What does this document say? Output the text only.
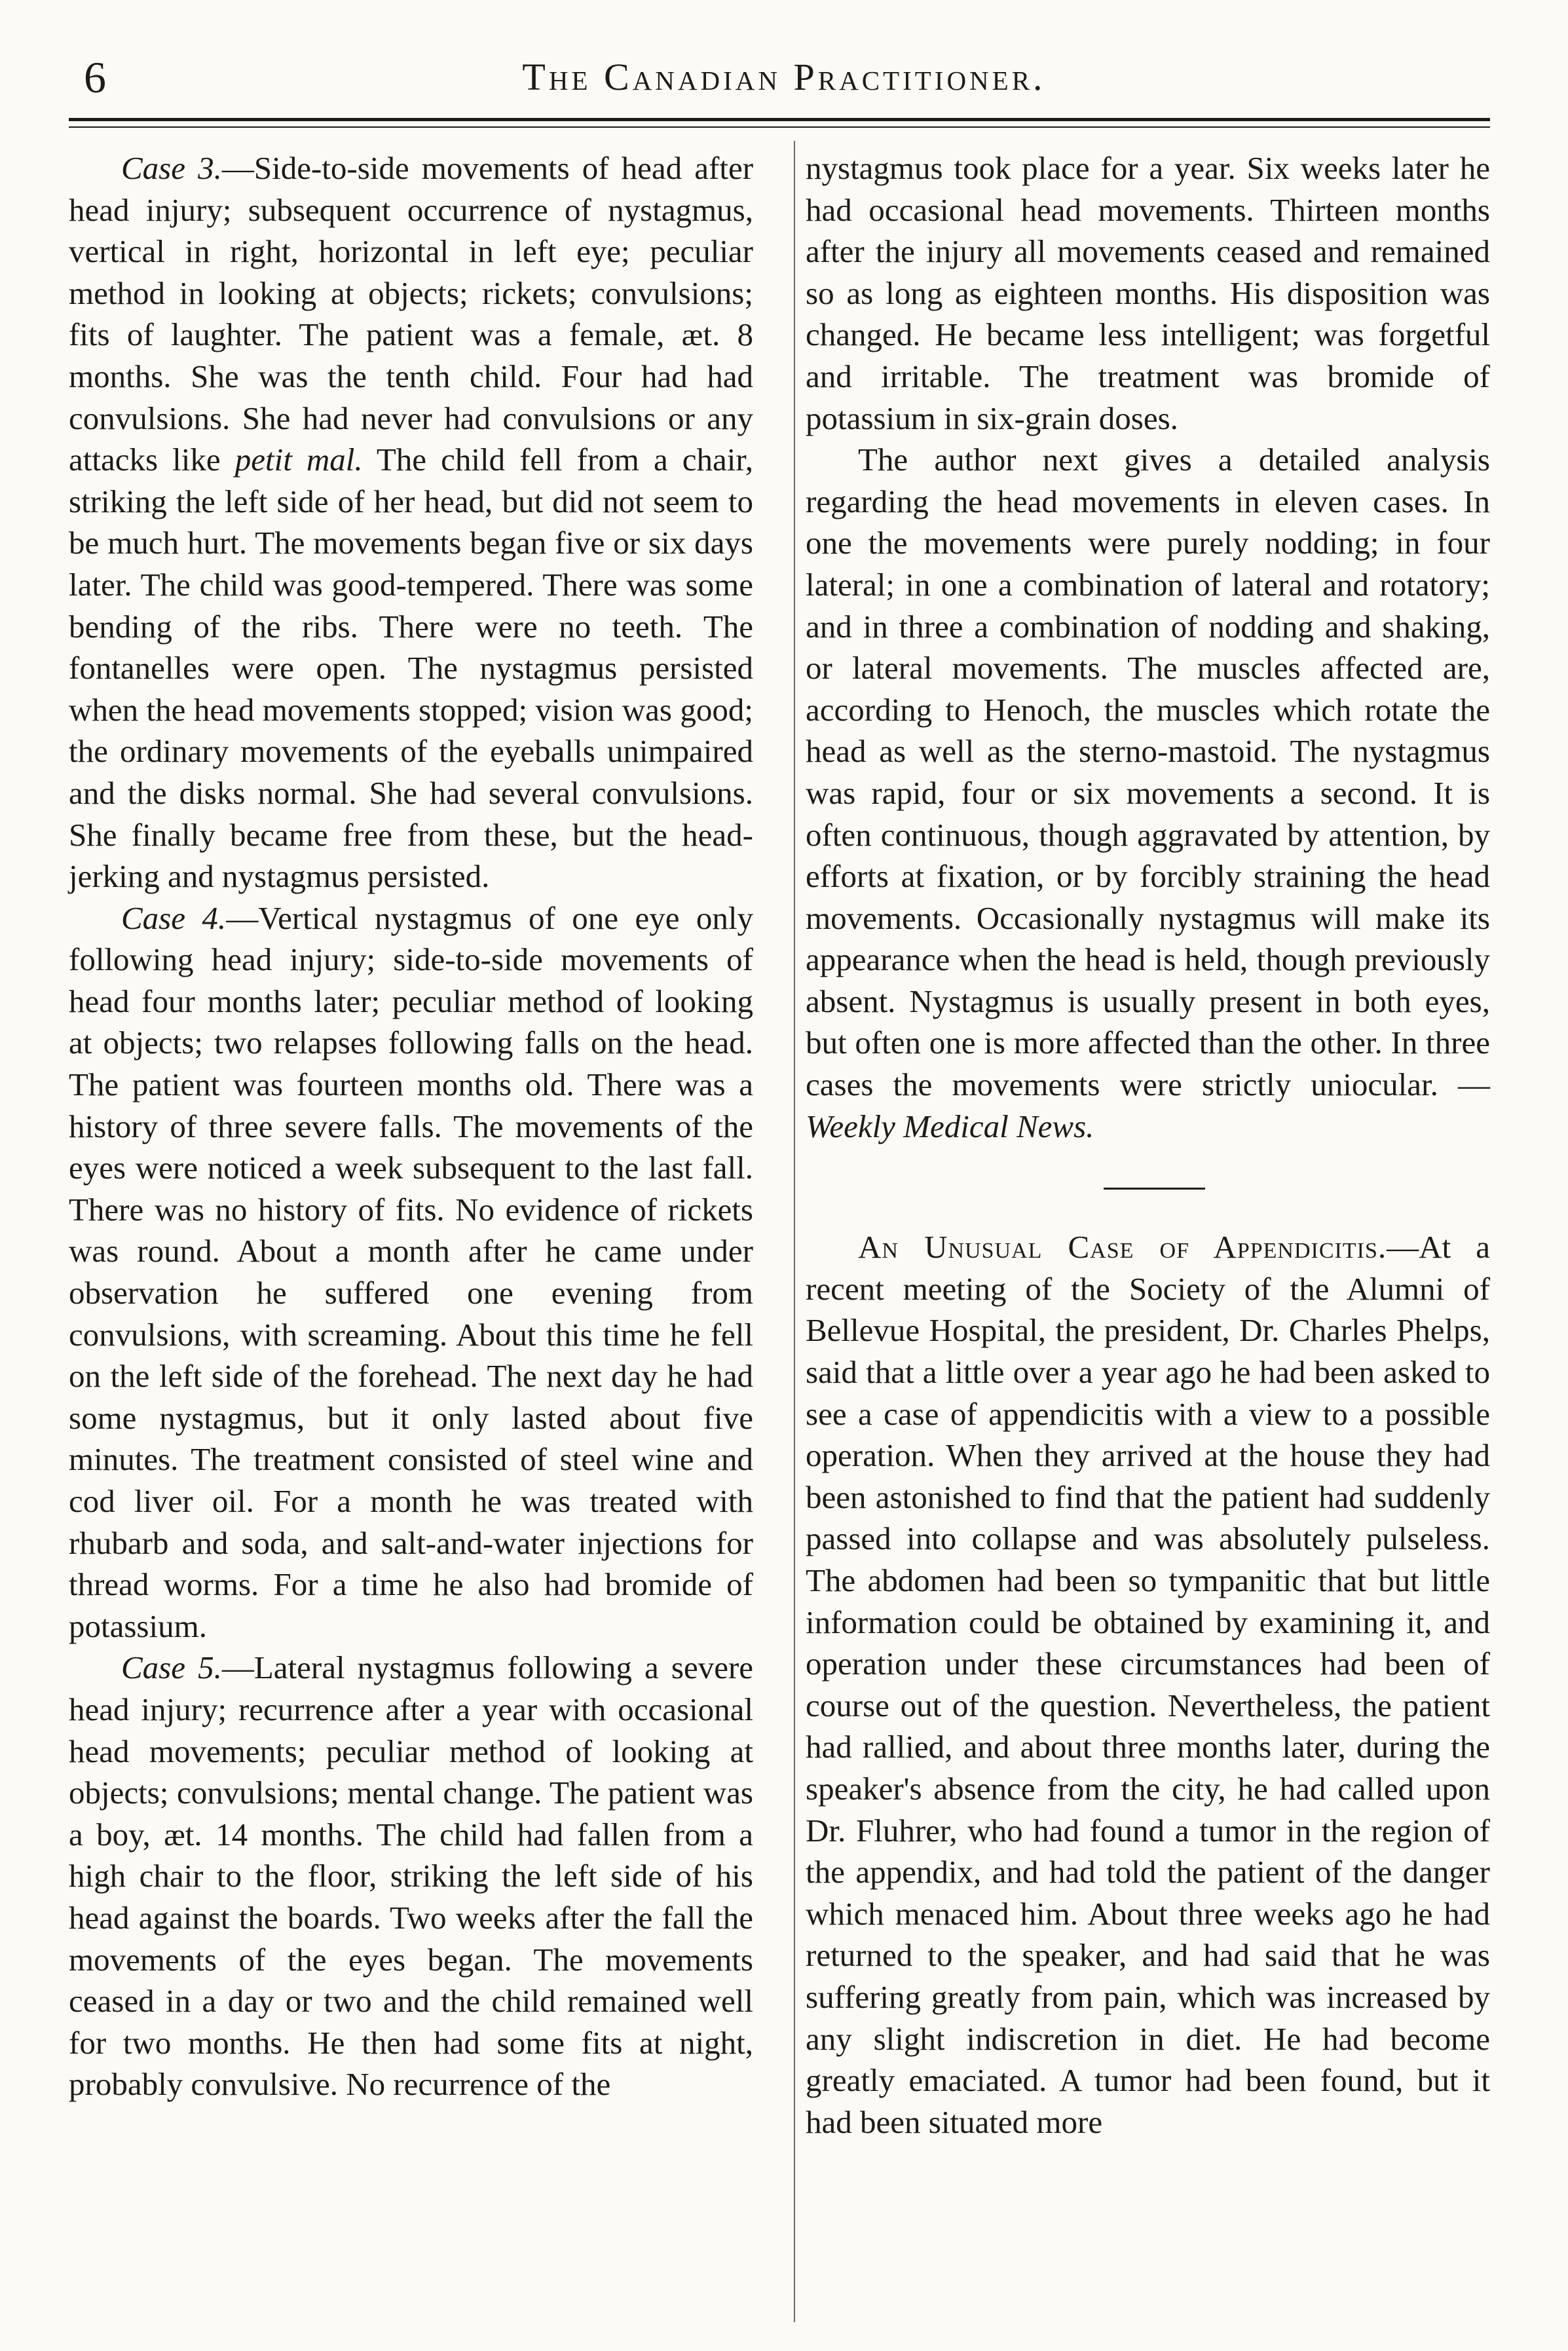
6	The Canadian Practitioner.

Case 3.—Side-to-side movements of head after head injury; subsequent occurrence of nystagmus, vertical in right, horizontal in left eye; peculiar method in looking at objects; rickets; convulsions; fits of laughter. The patient was a female, æt. 8 months. She was the tenth child. Four had had convulsions. She had never had convulsions or any attacks like petit mal. The child fell from a chair, striking the left side of her head, but did not seem to be much hurt. The movements began five or six days later. The child was good-tempered. There was some bending of the ribs. There were no teeth. The fontanelles were open. The nystagmus persisted when the head movements stopped; vision was good; the ordinary movements of the eyeballs unimpaired and the disks normal. She had several convulsions. She finally became free from these, but the head-jerking and nystagmus persisted.

Case 4.—Vertical nystagmus of one eye only following head injury; side-to-side movements of head four months later; peculiar method of looking at objects; two relapses following falls on the head. The patient was fourteen months old. There was a history of three severe falls. The movements of the eyes were noticed a week subsequent to the last fall. There was no history of fits. No evidence of rickets was round. About a month after he came under observation he suffered one evening from convulsions, with screaming. About this time he fell on the left side of the forehead. The next day he had some nystagmus, but it only lasted about five minutes. The treatment consisted of steel wine and cod liver oil. For a month he was treated with rhubarb and soda, and salt-and-water injections for thread worms. For a time he also had bromide of potassium.

Case 5.—Lateral nystagmus following a severe head injury; recurrence after a year with occasional head movements; peculiar method of looking at objects; convulsions; mental change. The patient was a boy, æt. 14 months. The child had fallen from a high chair to the floor, striking the left side of his head against the boards. Two weeks after the fall the movements of the eyes began. The movements ceased in a day or two and the child remained well for two months. He then had some fits at night, probably convulsive. No recurrence of the

nystagmus took place for a year. Six weeks later he had occasional head movements. Thirteen months after the injury all movements ceased and remained so as long as eighteen months. His disposition was changed. He became less intelligent; was forgetful and irritable. The treatment was bromide of potassium in six-grain doses.

The author next gives a detailed analysis regarding the head movements in eleven cases. In one the movements were purely nodding; in four lateral; in one a combination of lateral and rotatory; and in three a combination of nodding and shaking, or lateral movements. The muscles affected are, according to Henoch, the muscles which rotate the head as well as the sterno-mastoid. The nystagmus was rapid, four or six movements a second. It is often continuous, though aggravated by attention, by efforts at fixation, or by forcibly straining the head movements. Occasionally nystagmus will make its appearance when the head is held, though previously absent. Nystagmus is usually present in both eyes, but often one is more affected than the other. In three cases the movements were strictly uniocular. — Weekly Medical News.

An Unusual Case of Appendicitis.—At a recent meeting of the Society of the Alumni of Bellevue Hospital, the president, Dr. Charles Phelps, said that a little over a year ago he had been asked to see a case of appendicitis with a view to a possible operation. When they arrived at the house they had been astonished to find that the patient had suddenly passed into collapse and was absolutely pulseless. The abdomen had been so tympanitic that but little information could be obtained by examining it, and operation under these circumstances had been of course out of the question. Nevertheless, the patient had rallied, and about three months later, during the speaker's absence from the city, he had called upon Dr. Fluhrer, who had found a tumor in the region of the appendix, and had told the patient of the danger which menaced him. About three weeks ago he had returned to the speaker, and had said that he was suffering greatly from pain, which was increased by any slight indiscretion in diet. He had become greatly emaciated. A tumor had been found, but it had been situated more
